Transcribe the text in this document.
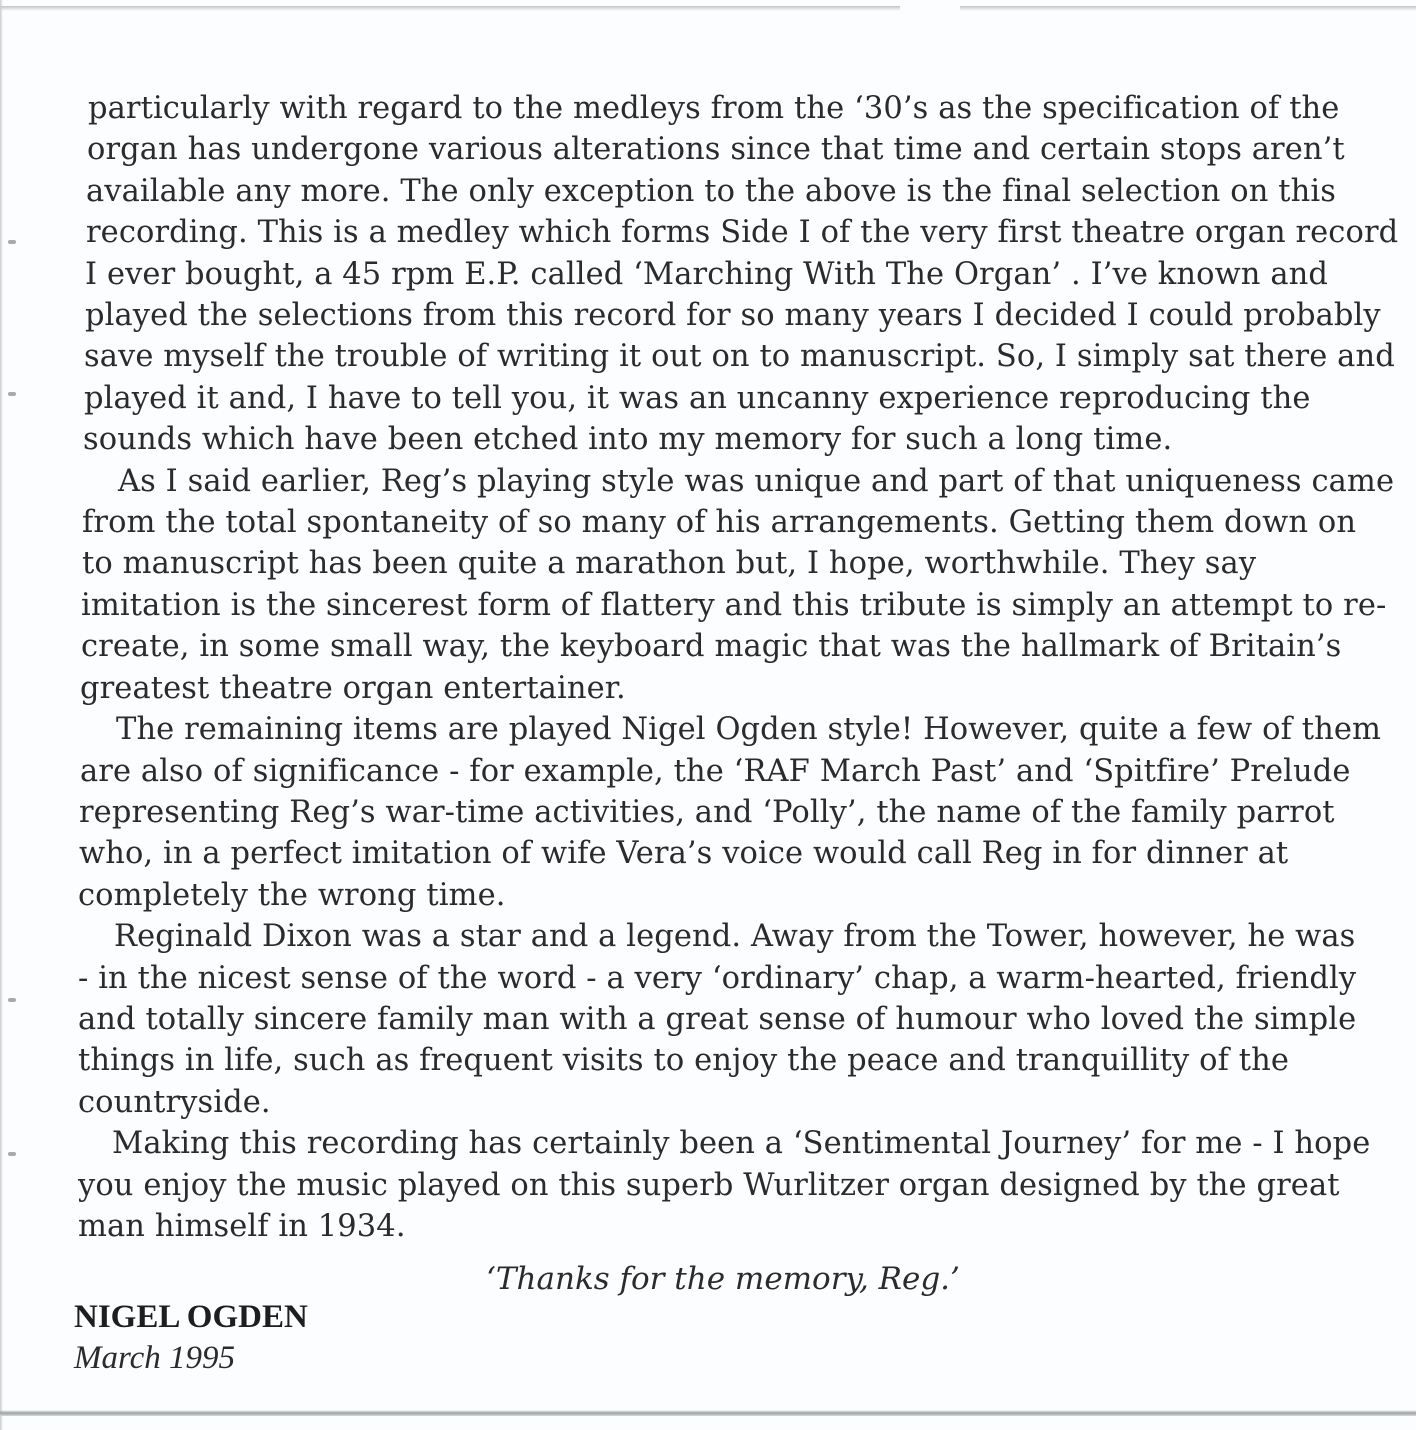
particularly with regard to the medleys from the ‘30’s as the specification of the
organ has undergone various alterations since that time and certain stops aren’t
available any more. The only exception to the above is the final selection on this
recording. This is a medley which forms Side I of the very first theatre organ record
I ever bought, a 45 rpm E.P. called ‘Marching With The Organ’ . I’ve known and
played the selections from this record for so many years I decided I could probably
save myself the trouble of writing it out on to manuscript. So, I simply sat there and
played it and, I have to tell you, it was an uncanny experience reproducing the
sounds which have been etched into my memory for such a long time.
As I said earlier, Reg’s playing style was unique and part of that uniqueness came
from the total spontaneity of so many of his arrangements. Getting them down on
to manuscript has been quite a marathon but, I hope, worthwhile. They say
imitation is the sincerest form of flattery and this tribute is simply an attempt to re-
create, in some small way, the keyboard magic that was the hallmark of Britain’s
greatest theatre organ entertainer.
The remaining items are played Nigel Ogden style! However, quite a few of them
are also of significance - for example, the ‘RAF March Past’ and ‘Spitfire’ Prelude
representing Reg’s war-time activities, and ‘Polly’, the name of the family parrot
who, in a perfect imitation of wife Vera’s voice would call Reg in for dinner at
completely the wrong time.
Reginald Dixon was a star and a legend. Away from the Tower, however, he was
- in the nicest sense of the word - a very ‘ordinary’ chap, a warm-hearted, friendly
and totally sincere family man with a great sense of humour who loved the simple
things in life, such as frequent visits to enjoy the peace and tranquillity of the
countryside.
Making this recording has certainly been a ‘Sentimental Journey’ for me - I hope
you enjoy the music played on this superb Wurlitzer organ designed by the great
man himself in 1934.
‘Thanks for the memory, Reg.’
NIGEL OGDEN
March 1995
